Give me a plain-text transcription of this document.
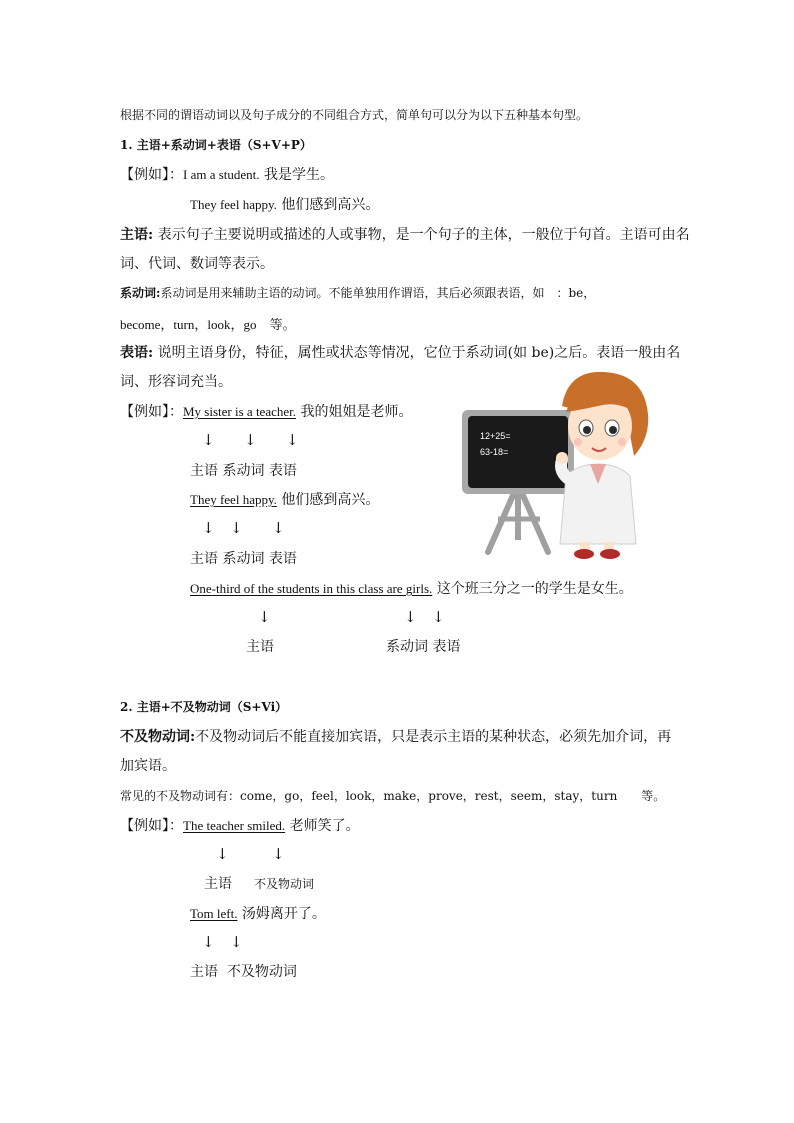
根据不同的谓语动词以及句子成分的不同组合方式，简单句可以分为以下五种基本句型。
1. 主语+系动词+表语（S+V+P）
【例如】：I am a student. 我是学生。
They feel happy. 他们感到高兴。
主语: 表示句子主要说明或描述的人或事物，是一个句子的主体，一般位于句首。主语可由名
词、代词、数词等表示。
系动词:系动词是用来辅助主语的动词。不能单独用作谓语，其后必须跟表语，如　：be，
become，turn，look，go　等。
表语: 说明主语身份，特征，属性或状态等情况，它位于系动词(如 be)之后。表语一般由名
词、形容词充当。
【例如】：My sister is a teacher. 我的姐姐是老师。
↓ ↓ ↓
主语 系动词 表语
They feel happy. 他们感到高兴。
↓ ↓ ↓
主语 系动词 表语
One-third of the students in this class are girls. 这个班三分之一的学生是女生。
↓	↓ ↓
主语	系动词 表语
12+25=
63-18=
2. 主语+不及物动词（S+Vi）
不及物动词:不及物动词后不能直接加宾语，只是表示主语的某种状态，必须先加介词，再
加宾语。
常见的不及物动词有：come，go，feel，look，make，prove，rest，seem，stay，turn　　等。
【例如】：The teacher smiled. 老师笑了。
↓	↓
主语 不及物动词
Tom left. 汤姆离开了。
↓ ↓
主语 不及物动词
